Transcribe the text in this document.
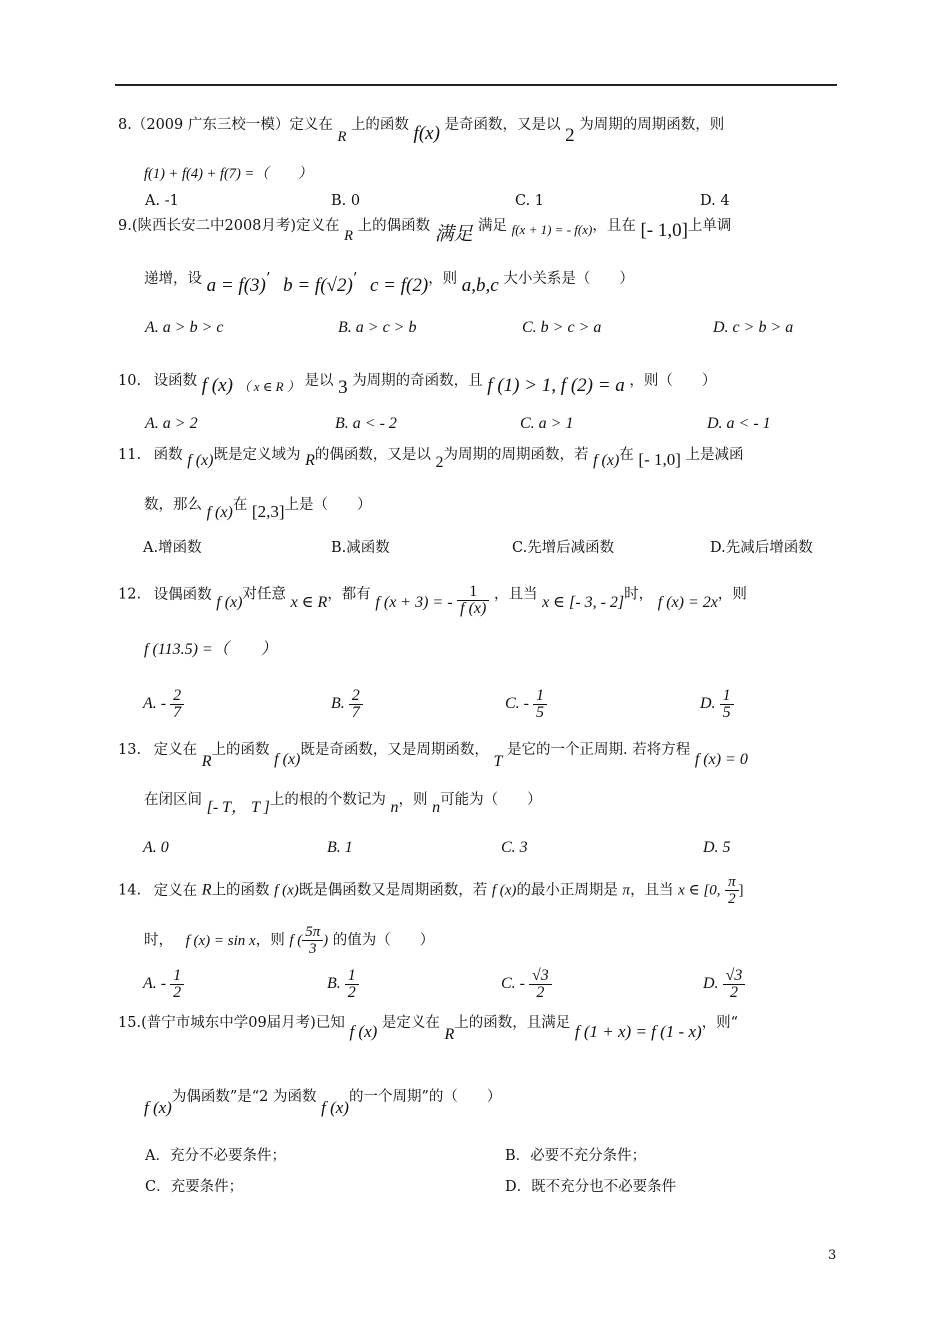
8.（2009 广东三校一模）定义在 R 上的函数 f(x) 是奇函数，又是以 2 为周期的周期函数，则
f(1) + f(4) + f(7) =（　　）
A. -1	B. 0	C. 1	D. 4
9.(陕西长安二中2008月考)定义在 R 上的偶函数 满足 满足 f(x + 1) = - f(x)，且在 [- 1,0]上单调
递增，设 a = f(3)’ b = f(√2)’ c = f(2)，则 a,b,c 大小关系是（　　）
A. a > b > c	B. a > c > b	C. b > c > a	D. c > b > a
10. 设函数 f (x) （ x ∈ R ） 是以 3 为周期的奇函数，且 f (1) > 1, f (2) = a ，则（　　）
A. a > 2	B. a < - 2	C. a > 1	D. a < - 1
11. 函数 f (x)既是定义域为 R的偶函数，又是以 2为周期的周期函数，若 f (x)在 [- 1,0] 上是减函
数，那么 f (x)在 [2,3]上是（　　）
A.增函数	B.减函数	C.先增后减函数	D.先减后增函数
12. 设偶函数 f (x)对任意 x ∈ R，都有 f (x + 3) = - $\frac{1}{f (x)}$ ，且当 x ∈ [- 3, - 2]时， f (x) = 2x，则
f (113.5) =（　　）
A. - $\frac{2}{7}$	B. $\frac{2}{7}$	C. - $\frac{1}{5}$	D. $\frac{1}{5}$
13. 定义在 R上的函数 f (x)既是奇函数，又是周期函数， T 是它的一个正周期. 若将方程 f (x) = 0
在闭区间 [- T， T ]上的根的个数记为 n，则 n可能为（　　）
A. 0	B. 1	C. 3	D. 5
14. 定义在 R上的函数 f (x)既是偶函数又是周期函数，若 f (x)的最小正周期是 π，且当 x ∈ [0, $\frac{\pi}{2}$ ]
时， f (x) = sin x，则 f ( $\frac{5\pi}{3}$ ) 的值为（　　）
A. - $\frac{1}{2}$	B. $\frac{1}{2}$	C. - $\frac{√3}{2}$	D. $\frac{√3}{2}$
15.(普宁市城东中学09届月考)已知 f (x) 是定义在 R上的函数，且满足 f (1 + x) = f (1 - x)，则“
f (x)为偶函数”是“2 为函数 f (x)的一个周期”的（　　）
A．充分不必要条件；	B．必要不充分条件；
C．充要条件；	D．既不充分也不必要条件
3
